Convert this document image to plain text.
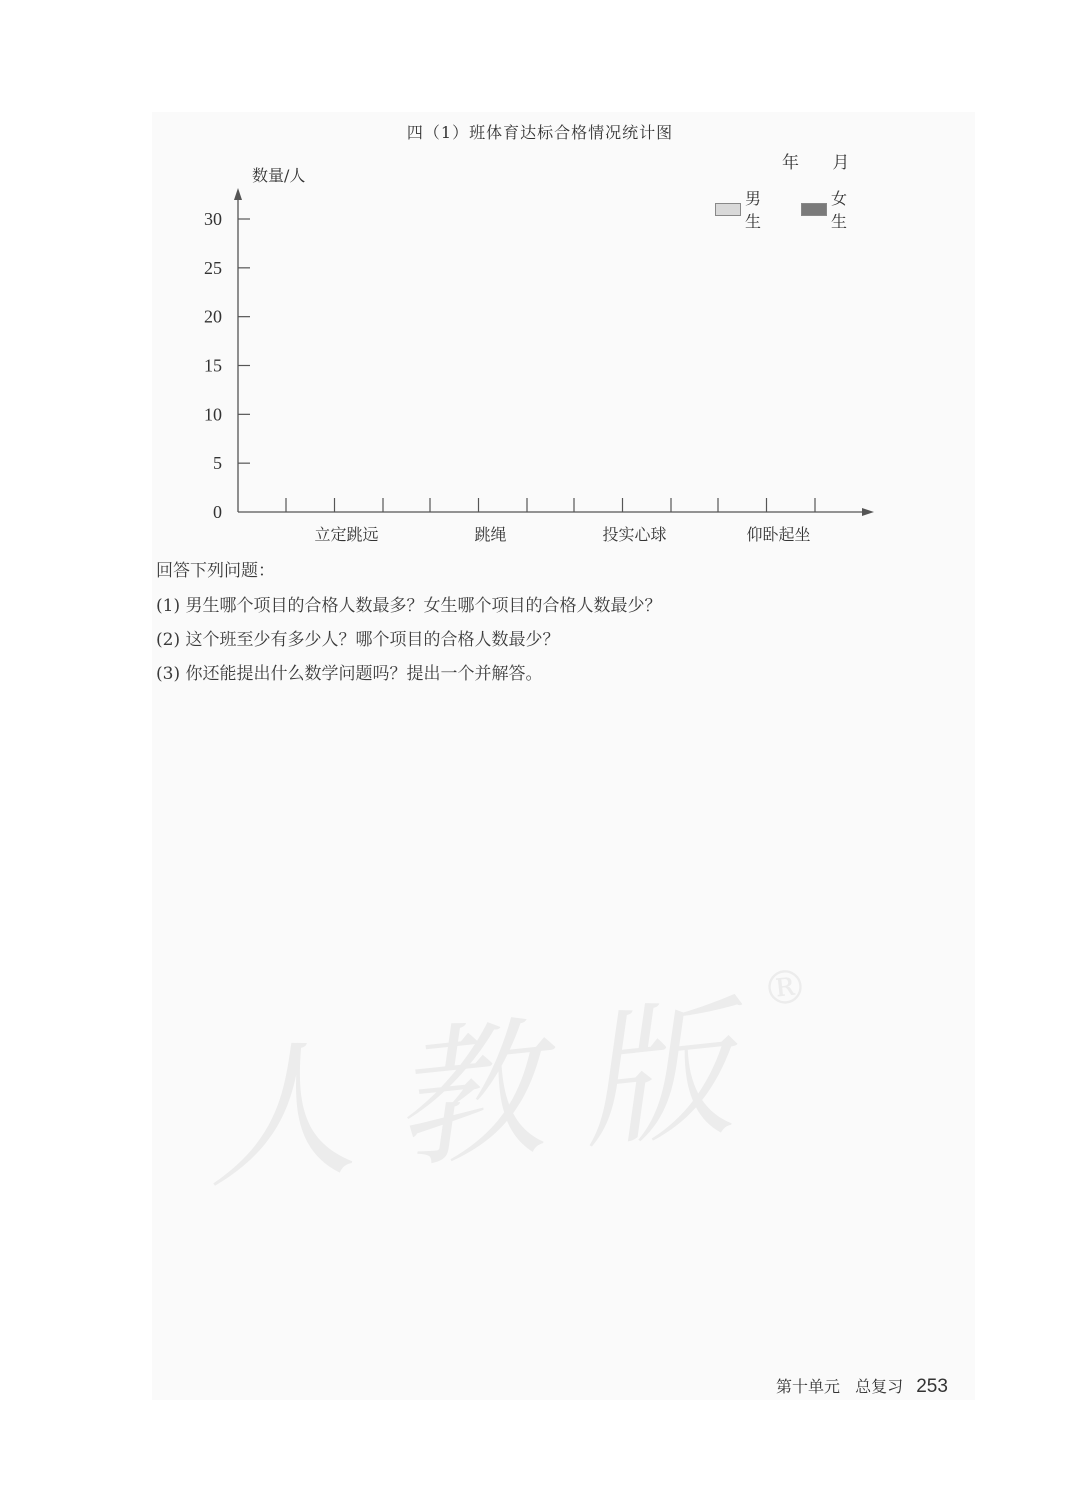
四（1）班体育达标合格情况统计图
年 月
男生
女生
数量/人
0
5
10
15
20
25
30
立定跳远	跳绳	投实心球	仰卧起坐
回答下列问题：
(1) 男生哪个项目的合格人数最多？女生哪个项目的合格人数最少？
(2) 这个班至少有多少人？哪个项目的合格人数最少？
(3) 你还能提出什么数学问题吗？提出一个并解答。
人教版®
第十单元 总复习 253
